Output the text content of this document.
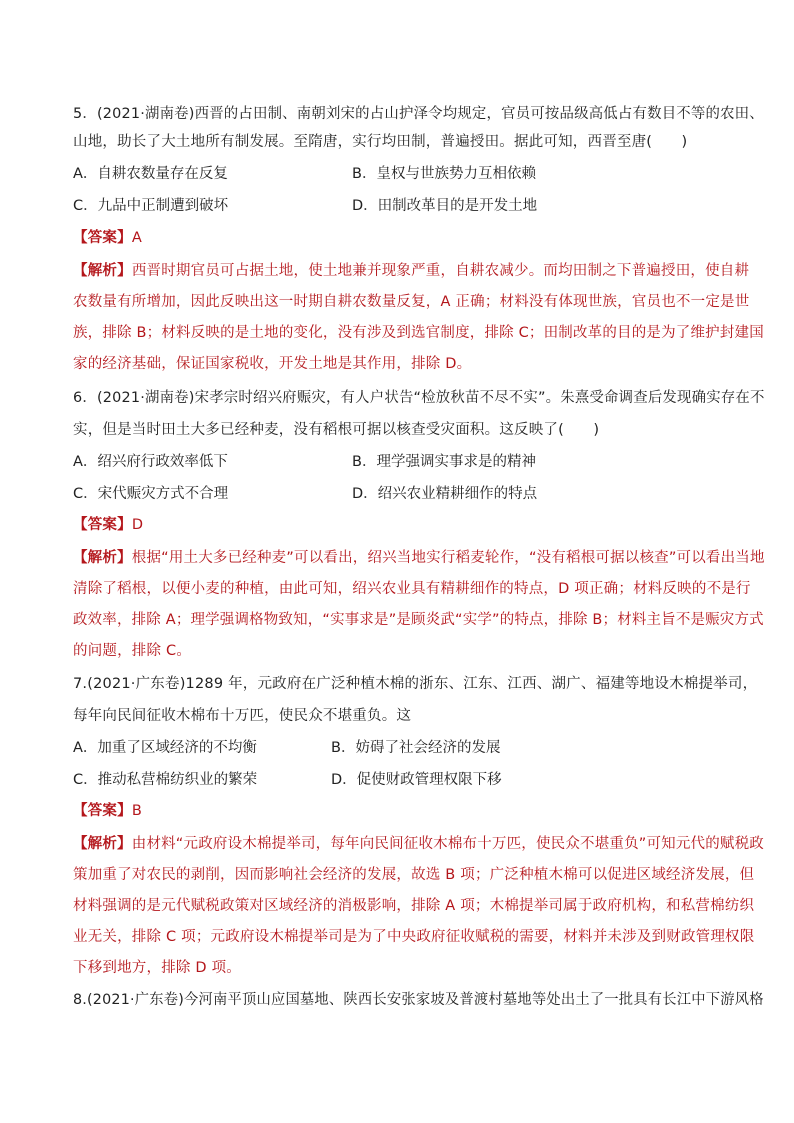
5．(2021·湖南卷)西晋的占田制、南朝刘宋的占山护泽令均规定，官员可按品级高低占有数目不等的农田、
山地，助长了大土地所有制发展。至隋唐，实行均田制，普遍授田。据此可知，西晋至唐(　　)
A．自耕农数量存在反复	B．皇权与世族势力互相依赖
C．九品中正制遭到破坏	D．田制改革目的是开发土地
【答案】A
【解析】西晋时期官员可占据土地，使土地兼并现象严重，自耕农减少。而均田制之下普遍授田，使自耕
农数量有所增加，因此反映出这一时期自耕农数量反复，A 正确；材料没有体现世族，官员也不一定是世
族，排除 B；材料反映的是土地的变化，没有涉及到选官制度，排除 C；田制改革的目的是为了维护封建国
家的经济基础，保证国家税收，开发土地是其作用，排除 D。
6．(2021·湖南卷)宋孝宗时绍兴府赈灾，有人户状告“检放秋苗不尽不实”。朱熹受命调查后发现确实存在不
实，但是当时田土大多已经种麦，没有稻根可据以核查受灾面积。这反映了(　　)
A．绍兴府行政效率低下	B．理学强调实事求是的精神
C．宋代赈灾方式不合理	D．绍兴农业精耕细作的特点
【答案】D
【解析】根据“用土大多已经种麦”可以看出，绍兴当地实行稻麦轮作，“没有稻根可据以核查”可以看出当地
清除了稻根，以便小麦的种植，由此可知，绍兴农业具有精耕细作的特点，D 项正确；材料反映的不是行
政效率，排除 A；理学强调格物致知，“实事求是”是顾炎武“实学”的特点，排除 B；材料主旨不是赈灾方式
的问题，排除 C。
7.(2021·广东卷)1289 年，元政府在广泛种植木棉的浙东、江东、江西、湖广、福建等地设木棉提举司，
每年向民间征收木棉布十万匹，使民众不堪重负。这
A．加重了区域经济的不均衡	B．妨碍了社会经济的发展
C．推动私营棉纺织业的繁荣	D．促使财政管理权限下移
【答案】B
【解析】由材料“元政府设木棉提举司，每年向民间征收木棉布十万匹，使民众不堪重负”可知元代的赋税政
策加重了对农民的剥削，因而影响社会经济的发展，故选 B 项；广泛种植木棉可以促进区域经济发展，但
材料强调的是元代赋税政策对区域经济的消极影响，排除 A 项；木棉提举司属于政府机构，和私营棉纺织
业无关，排除 C 项；元政府设木棉提举司是为了中央政府征收赋税的需要，材料并未涉及到财政管理权限
下移到地方，排除 D 项。
8.(2021·广东卷)今河南平顶山应国墓地、陕西长安张家坡及普渡村墓地等处出土了一批具有长江中下游风格
